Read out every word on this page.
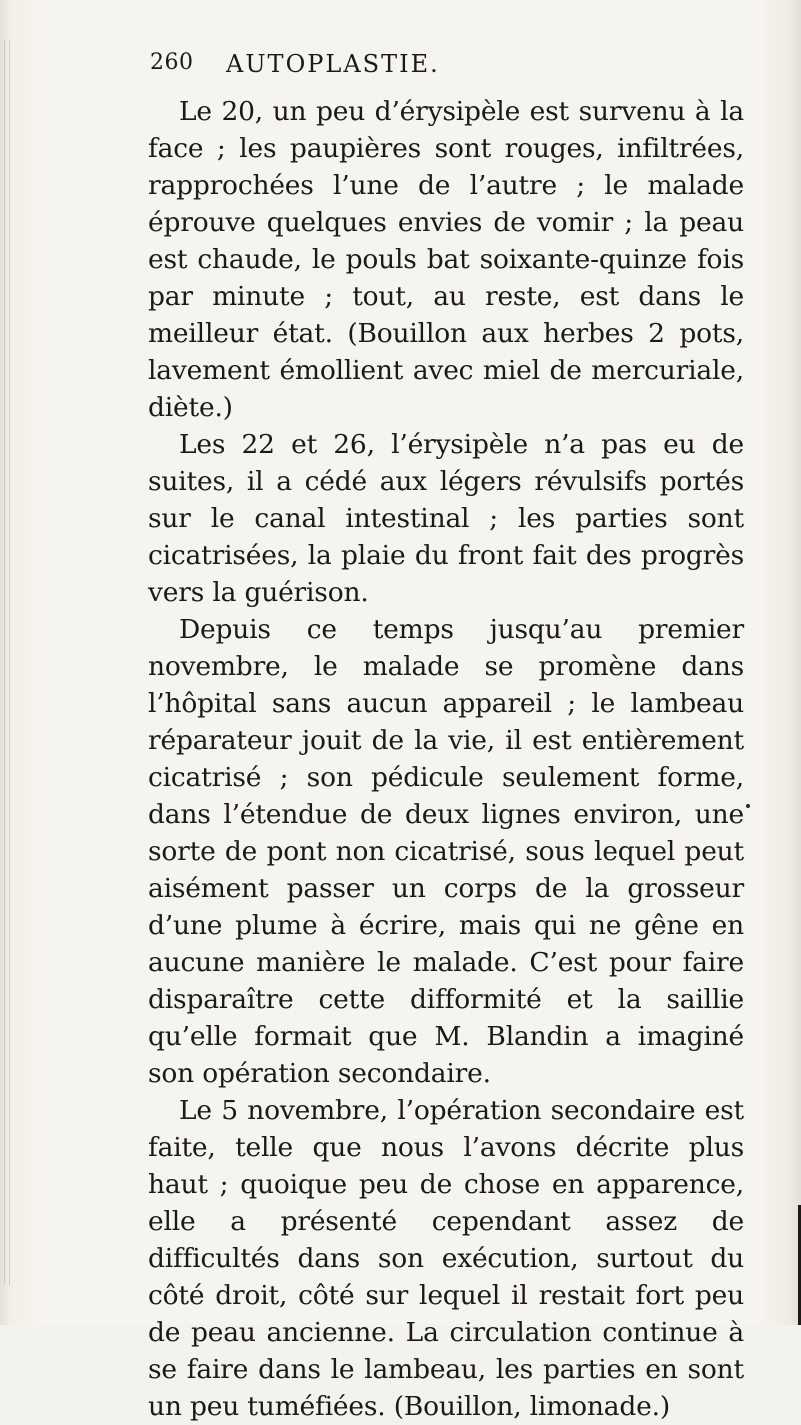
260 AUTOPLASTIE.

Le 20, un peu d’érysipèle est survenu à la face ; les paupières sont rouges, infiltrées, rapprochées l’une de l’autre ; le malade éprouve quelques envies de vomir ; la peau est chaude, le pouls bat soixante-quinze fois par minute ; tout, au reste, est dans le meilleur état. (Bouillon aux herbes 2 pots, lavement émollient avec miel de mercuriale, diète.)

Les 22 et 26, l’érysipèle n’a pas eu de suites, il a cédé aux légers révulsifs portés sur le canal intestinal ; les parties sont cicatrisées, la plaie du front fait des progrès vers la guérison.

Depuis ce temps jusqu’au premier novembre, le malade se promène dans l’hôpital sans aucun appareil ; le lambeau réparateur jouit de la vie, il est entièrement cicatrisé ; son pédicule seulement forme, dans l’étendue de deux lignes environ, une sorte de pont non cicatrisé, sous lequel peut aisément passer un corps de la grosseur d’une plume à écrire, mais qui ne gêne en aucune manière le malade. C’est pour faire disparaître cette difformité et la saillie qu’elle formait que M. Blandin a imaginé son opération secondaire.

Le 5 novembre, l’opération secondaire est faite, telle que nous l’avons décrite plus haut ; quoique peu de chose en apparence, elle a présenté cependant assez de difficultés dans son exécution, surtout du côté droit, côté sur lequel il restait fort peu de peau ancienne. La circulation continue à se faire dans le lambeau, les parties en sont un peu tuméfiées. (Bouillon, limonade.)
